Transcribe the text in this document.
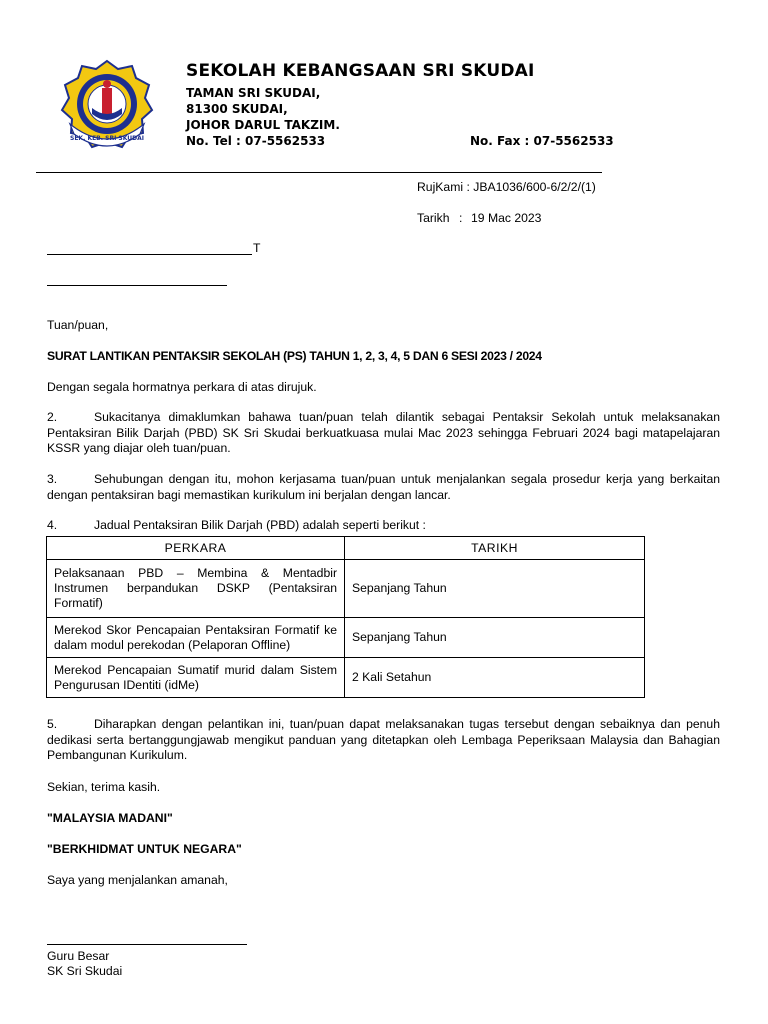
SEK. KEB. SRI SKUDAI
SEKOLAH KEBANGSAAN SRI SKUDAI
TAMAN SRI SKUDAI,
81300 SKUDAI,
JOHOR DARUL TAKZIM.
No. Tel : 07-5562533	No. Fax : 07-5562533
RujKami : JBA1036/600-6/2/2/(1)
Tarikh : 19 Mac 2023
T
Tuan/puan,
SURAT LANTIKAN PENTAKSIR SEKOLAH (PS) TAHUN 1, 2, 3, 4, 5 DAN 6 SESI 2023 / 2024
Dengan segala hormatnya perkara di atas dirujuk.
2.	Sukacitanya dimaklumkan bahawa tuan/puan telah dilantik sebagai Pentaksir Sekolah untuk melaksanakan Pentaksiran Bilik Darjah (PBD) SK Sri Skudai berkuatkuasa mulai Mac 2023 sehingga Februari 2024 bagi matapelajaran KSSR yang diajar oleh tuan/puan.
3.	Sehubungan dengan itu, mohon kerjasama tuan/puan untuk menjalankan segala prosedur kerja yang berkaitan dengan pentaksiran bagi memastikan kurikulum ini berjalan dengan lancar.
4.	Jadual Pentaksiran Bilik Darjah (PBD) adalah seperti berikut :
PERKARA	TARIKH
Pelaksanaan PBD – Membina & Mentadbir Instrumen berpandukan DSKP (Pentaksiran Formatif)	Sepanjang Tahun
Merekod Skor Pencapaian Pentaksiran Formatif ke dalam modul perekodan (Pelaporan Offline)	Sepanjang Tahun
Merekod Pencapaian Sumatif murid dalam Sistem Pengurusan IDentiti (idMe)	2 Kali Setahun
5.	Diharapkan dengan pelantikan ini, tuan/puan dapat melaksanakan tugas tersebut dengan sebaiknya dan penuh dedikasi serta bertanggungjawab mengikut panduan yang ditetapkan oleh Lembaga Peperiksaan Malaysia dan Bahagian Pembangunan Kurikulum.
Sekian, terima kasih.
"MALAYSIA MADANI"
"BERKHIDMAT UNTUK NEGARA"
Saya yang menjalankan amanah,
Guru Besar
SK Sri Skudai
